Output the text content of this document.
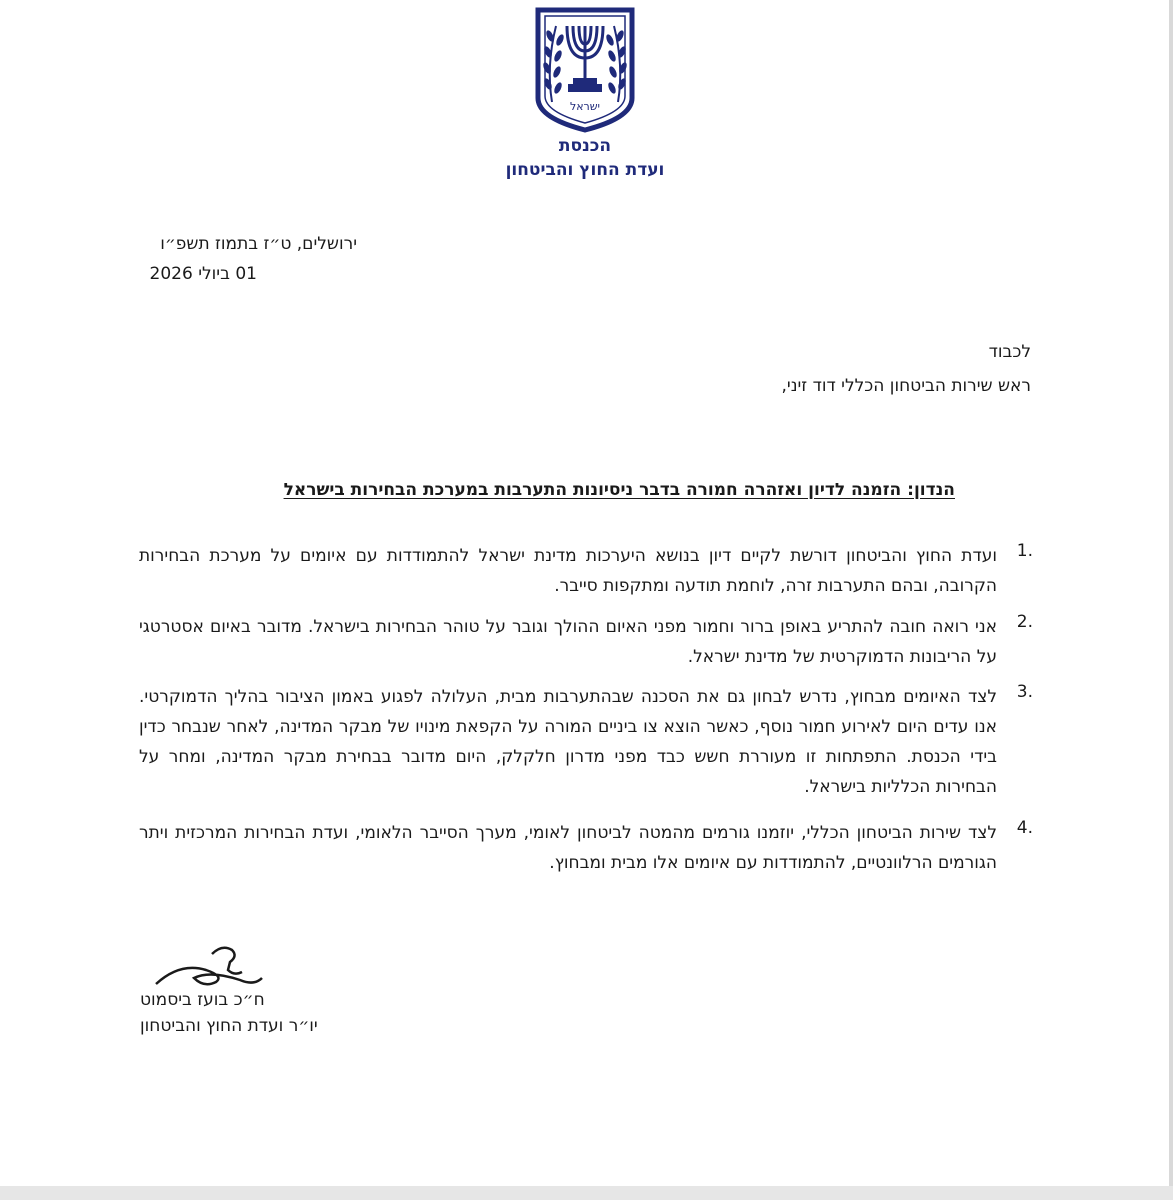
ישראל
הכנסת
ועדת החוץ והביטחון
ירושלים, ט״ז בתמוז תשפ״ו
01 ביולי 2026
לכבוד
ראש שירות הביטחון הכללי דוד זיני,
הנדון: הזמנה לדיון ואזהרה חמורה בדבר ניסיונות התערבות במערכת הבחירות בישראל
1.
ועדת החוץ והביטחון דורשת לקיים דיון בנושא היערכות מדינת ישראל להתמודדות עם איומים על מערכת הבחירות הקרובה, ובהם התערבות זרה, לוחמת תודעה ומתקפות סייבר.
2.
אני רואה חובה להתריע באופן ברור וחמור מפני האיום ההולך וגובר על טוהר הבחירות בישראל. מדובר באיום אסטרטגי על הריבונות הדמוקרטית של מדינת ישראל.
3.
לצד האיומים מבחוץ, נדרש לבחון גם את הסכנה שבהתערבות מבית, העלולה לפגוע באמון הציבור בהליך הדמוקרטי. אנו עדים היום לאירוע חמור נוסף, כאשר הוצא צו ביניים המורה על הקפאת מינויו של מבקר המדינה, לאחר שנבחר כדין בידי הכנסת. התפתחות זו מעוררת חשש כבד מפני מדרון חלקלק, היום מדובר בבחירת מבקר המדינה, ומחר על הבחירות הכלליות בישראל.
4.
לצד שירות הביטחון הכללי, יוזמנו גורמים מהמטה לביטחון לאומי, מערך הסייבר הלאומי, ועדת הבחירות המרכזית ויתר הגורמים הרלוונטיים, להתמודדות עם איומים אלו מבית ומבחוץ.
ח״כ בועז ביסמוט
יו״ר ועדת החוץ והביטחון
